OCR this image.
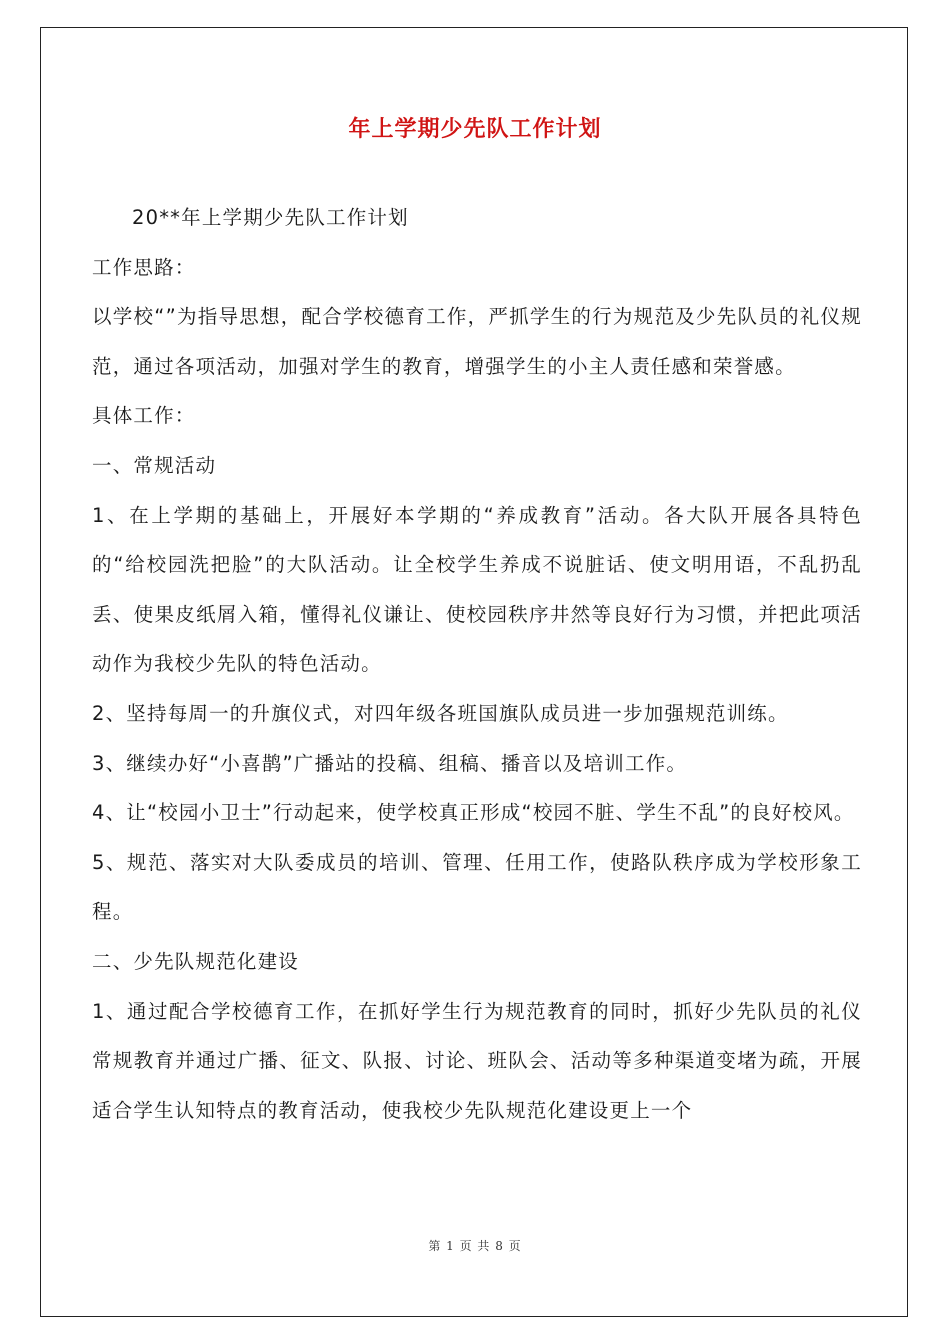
年上学期少先队工作计划

20**年上学期少先队工作计划

工作思路：

以学校“”为指导思想，配合学校德育工作，严抓学生的行为规范及少先队员的礼仪规范，通过各项活动，加强对学生的教育，增强学生的小主人责任感和荣誉感。

具体工作：

一、常规活动

1、在上学期的基础上，开展好本学期的“养成教育”活动。各大队开展各具特色的“给校园洗把脸”的大队活动。让全校学生养成不说脏话、使文明用语，不乱扔乱丢、使果皮纸屑入箱，懂得礼仪谦让、使校园秩序井然等良好行为习惯，并把此项活动作为我校少先队的特色活动。

2、坚持每周一的升旗仪式，对四年级各班国旗队成员进一步加强规范训练。

3、继续办好“小喜鹊”广播站的投稿、组稿、播音以及培训工作。

4、让“校园小卫士”行动起来，使学校真正形成“校园不脏、学生不乱”的良好校风。

5、规范、落实对大队委成员的培训、管理、任用工作，使路队秩序成为学校形象工程。

二、少先队规范化建设

1、通过配合学校德育工作，在抓好学生行为规范教育的同时，抓好少先队员的礼仪常规教育并通过广播、征文、队报、讨论、班队会、活动等多种渠道变堵为疏，开展适合学生认知特点的教育活动，使我校少先队规范化建设更上一个

第 1 页 共 8 页
